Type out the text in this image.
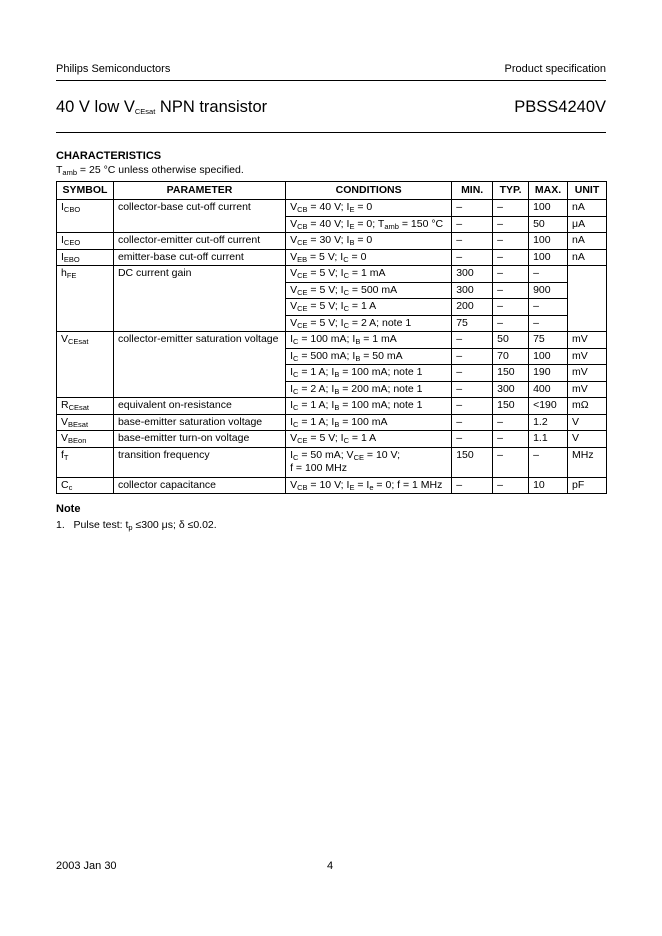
Philips Semiconductors	Product specification
40 V low $V_{CEsat}$ NPN transistor	PBSS4240V
CHARACTERISTICS
$T_{amb} = 25$ °C unless otherwise specified.
SYMBOL	PARAMETER	CONDITIONS	MIN.	TYP.	MAX.	UNIT
$I_{CBO}$	collector-base cut-off current	$V_{CB} = 40$ V; $I_E = 0$	–	–	100	nA
		$V_{CB} = 40$ V; $I_E = 0$; $T_{amb} = 150$ °C	–	–	50	μA
$I_{CEO}$	collector-emitter cut-off current	$V_{CE} = 30$ V; $I_B = 0$	–	–	100	nA
$I_{EBO}$	emitter-base cut-off current	$V_{EB} = 5$ V; $I_C = 0$	–	–	100	nA
$h_{FE}$	DC current gain	$V_{CE} = 5$ V; $I_C = 1$ mA	300	–	–	
		$V_{CE} = 5$ V; $I_C = 500$ mA	300	–	900	
		$V_{CE} = 5$ V; $I_C = 1$ A	200	–	–	
		$V_{CE} = 5$ V; $I_C = 2$ A; note 1	75	–	–	
$V_{CEsat}$	collector-emitter saturation voltage	$I_C = 100$ mA; $I_B = 1$ mA	–	50	75	mV
		$I_C = 500$ mA; $I_B = 50$ mA	–	70	100	mV
		$I_C = 1$ A; $I_B = 100$ mA; note 1	–	150	190	mV
		$I_C = 2$ A; $I_B = 200$ mA; note 1	–	300	400	mV
$R_{CEsat}$	equivalent on-resistance	$I_C = 1$ A; $I_B = 100$ mA; note 1	–	150	<190	mΩ
$V_{BEsat}$	base-emitter saturation voltage	$I_C = 1$ A; $I_B = 100$ mA	–	–	1.2	V
$V_{BEon}$	base-emitter turn-on voltage	$V_{CE} = 5$ V; $I_C = 1$ A	–	–	1.1	V
$f_T$	transition frequency	$I_C = 50$ mA; $V_{CE} = 10$ V;
f = 100 MHz	150	–	–	MHz
$C_c$	collector capacitance	$V_{CB} = 10$ V; $I_E = I_e = 0$; f = 1 MHz	–	–	10	pF
Note
1. Pulse test: $t_p \le 300$ μs; δ ≤0.02.
2003 Jan 30	4
